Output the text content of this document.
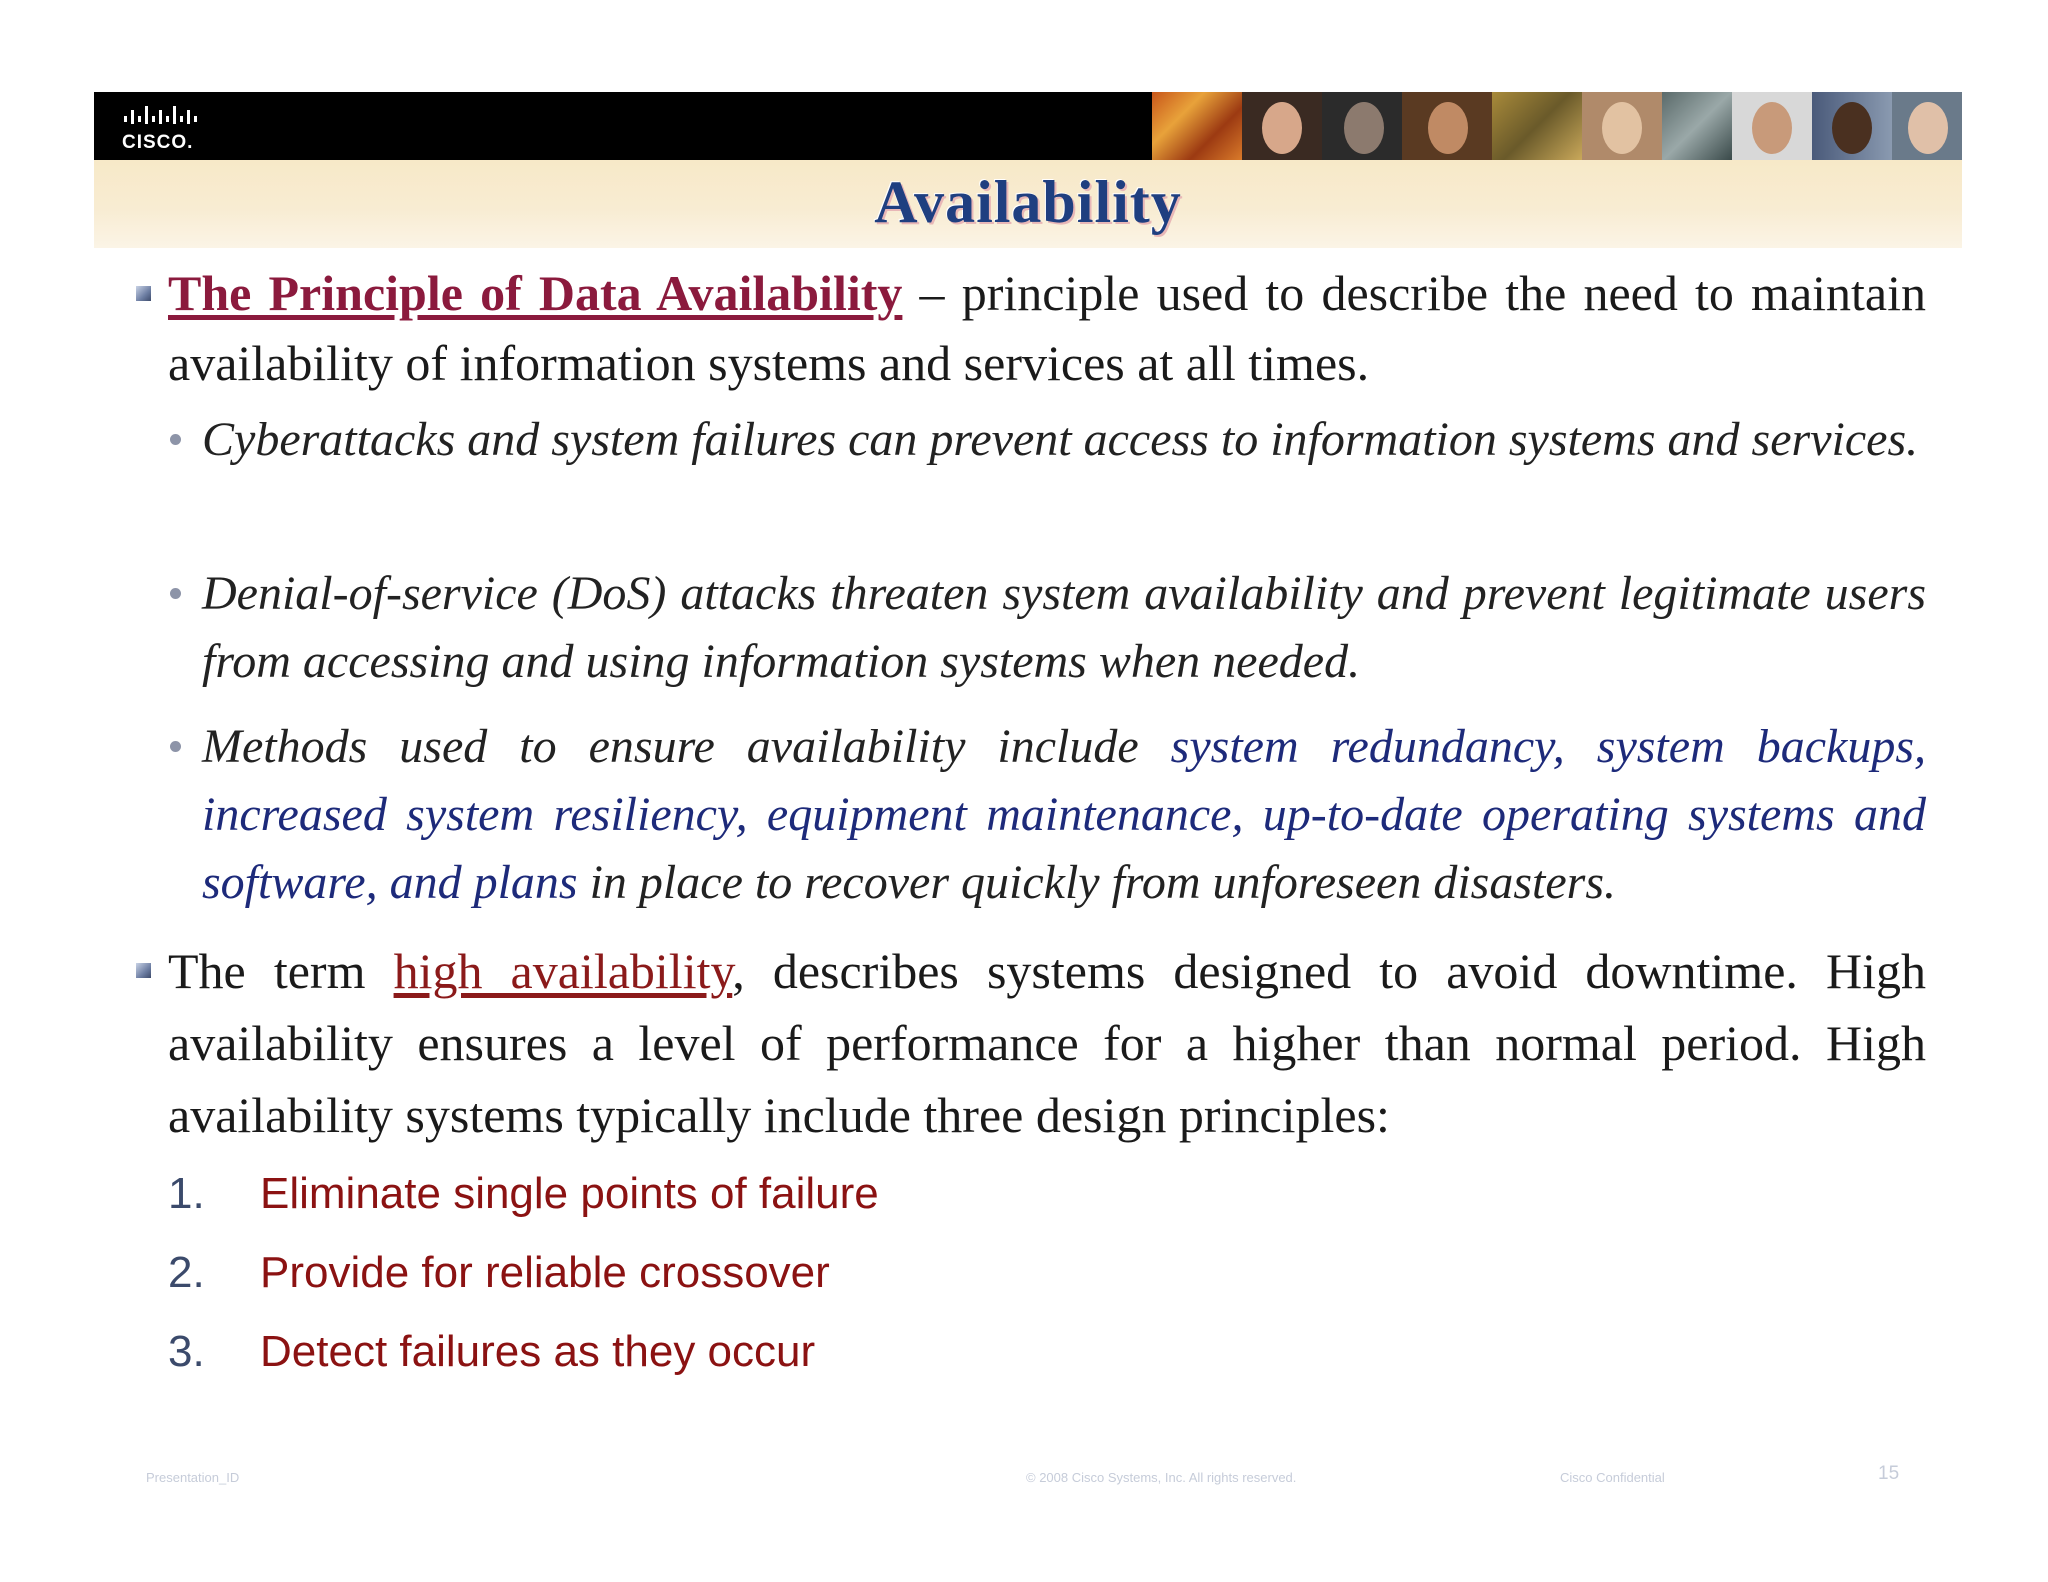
CISCO.
Availability
The Principle of Data Availability – principle used to describe the need to maintain availability of information systems and services at all times.
Cyberattacks and system failures can prevent access to information systems and services.
Denial-of-service (DoS) attacks threaten system availability and prevent legitimate users from accessing and using information systems when needed.
Methods used to ensure availability include system redundancy, system backups, increased system resiliency, equipment maintenance, up-to-date operating systems and software, and plans in place to recover quickly from unforeseen disasters.
The term high availability, describes systems designed to avoid downtime. High availability ensures a level of performance for a higher than normal period. High availability systems typically include three design principles:
1. Eliminate single points of failure
2. Provide for reliable crossover
3. Detect failures as they occur
Presentation_ID	© 2008 Cisco Systems, Inc. All rights reserved.	Cisco Confidential	15
